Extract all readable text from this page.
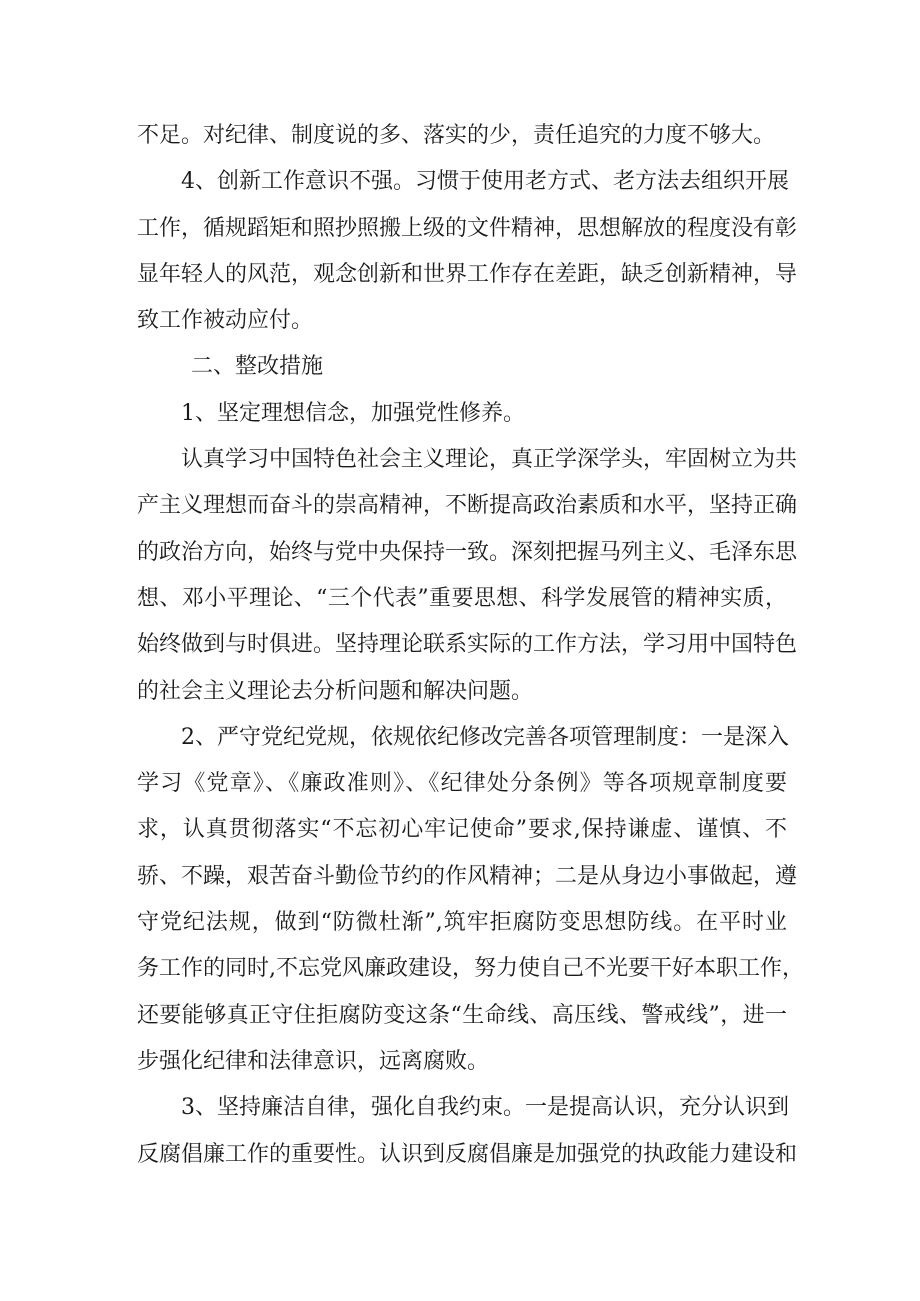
不足。对纪律、制度说的多、落实的少，责任追究的力度不够大。
4、创新工作意识不强。习惯于使用老方式、老方法去组织开展
工作，循规蹈矩和照抄照搬上级的文件精神，思想解放的程度没有彰
显年轻人的风范，观念创新和世界工作存在差距，缺乏创新精神，导
致工作被动应付。
二、整改措施
1、坚定理想信念，加强党性修养。
认真学习中国特色社会主义理论，真正学深学头，牢固树立为共
产主义理想而奋斗的崇高精神，不断提高政治素质和水平，坚持正确
的政治方向，始终与党中央保持一致。深刻把握马列主义、毛泽东思
想、邓小平理论、“三个代表”重要思想、科学发展管的精神实质，
始终做到与时俱进。坚持理论联系实际的工作方法，学习用中国特色
的社会主义理论去分析问题和解决问题。
2、严守党纪党规，依规依纪修改完善各项管理制度：一是深入
学习《党章》、《廉政准则》、《纪律处分条例》等各项规章制度要
求，认真贯彻落实“不忘初心牢记使命”要求,保持谦虚、谨慎、不
骄、不躁，艰苦奋斗勤俭节约的作风精神；二是从身边小事做起，遵
守党纪法规，做到“防微杜渐”,筑牢拒腐防变思想防线。在平时业
务工作的同时,不忘党风廉政建设，努力使自己不光要干好本职工作，
还要能够真正守住拒腐防变这条“生命线、高压线、警戒线”，进一
步强化纪律和法律意识，远离腐败。
3、坚持廉洁自律，强化自我约束。一是提高认识，充分认识到
反腐倡廉工作的重要性。认识到反腐倡廉是加强党的执政能力建设和
